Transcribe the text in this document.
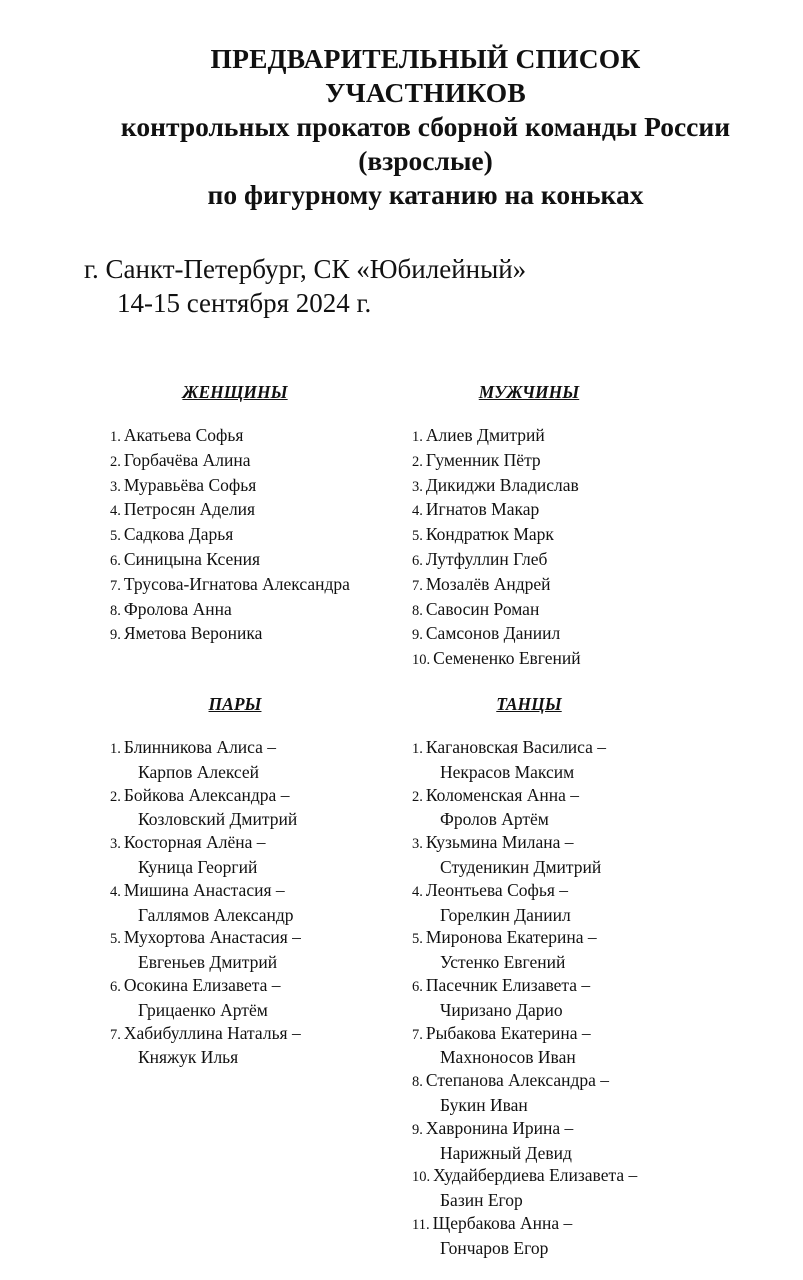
ПРЕДВАРИТЕЛЬНЫЙ СПИСОК
УЧАСТНИКОВ
контрольных прокатов сборной команды России
(взрослые)
по фигурному катанию на коньках
г. Санкт-Петербург, СК «Юбилейный»
14-15 сентября 2024 г.
ЖЕНЩИНЫ
1. Акатьева Софья
2. Горбачёва Алина
3. Муравьёва Софья
4. Петросян Аделия
5. Садкова Дарья
6. Синицына Ксения
7. Трусова-Игнатова Александра
8. Фролова Анна
9. Яметова Вероника
МУЖЧИНЫ
1. Алиев Дмитрий
2. Гуменник Пётр
3. Дикиджи Владислав
4. Игнатов Макар
5. Кондратюк Марк
6. Лутфуллин Глеб
7. Мозалёв Андрей
8. Савосин Роман
9. Самсонов Даниил
10. Семененко Евгений
ПАРЫ
1. Блинникова Алиса –
Карпов Алексей
2. Бойкова Александра –
Козловский Дмитрий
3. Косторная Алёна –
Куница Георгий
4. Мишина Анастасия –
Галлямов Александр
5. Мухортова Анастасия –
Евгеньев Дмитрий
6. Осокина Елизавета –
Грицаенко Артём
7. Хабибуллина Наталья –
Княжук Илья
ТАНЦЫ
1. Кагановская Василиса –
Некрасов Максим
2. Коломенская Анна –
Фролов Артём
3. Кузьмина Милана –
Студеникин Дмитрий
4. Леонтьева Софья –
Горелкин Даниил
5. Миронова Екатерина –
Устенко Евгений
6. Пасечник Елизавета –
Чиризано Дарио
7. Рыбакова Екатерина –
Махноносов Иван
8. Степанова Александра –
Букин Иван
9. Хавронина Ирина –
Нарижный Девид
10. Худайбердиева Елизавета –
Базин Егор
11. Щербакова Анна –
Гончаров Егор
